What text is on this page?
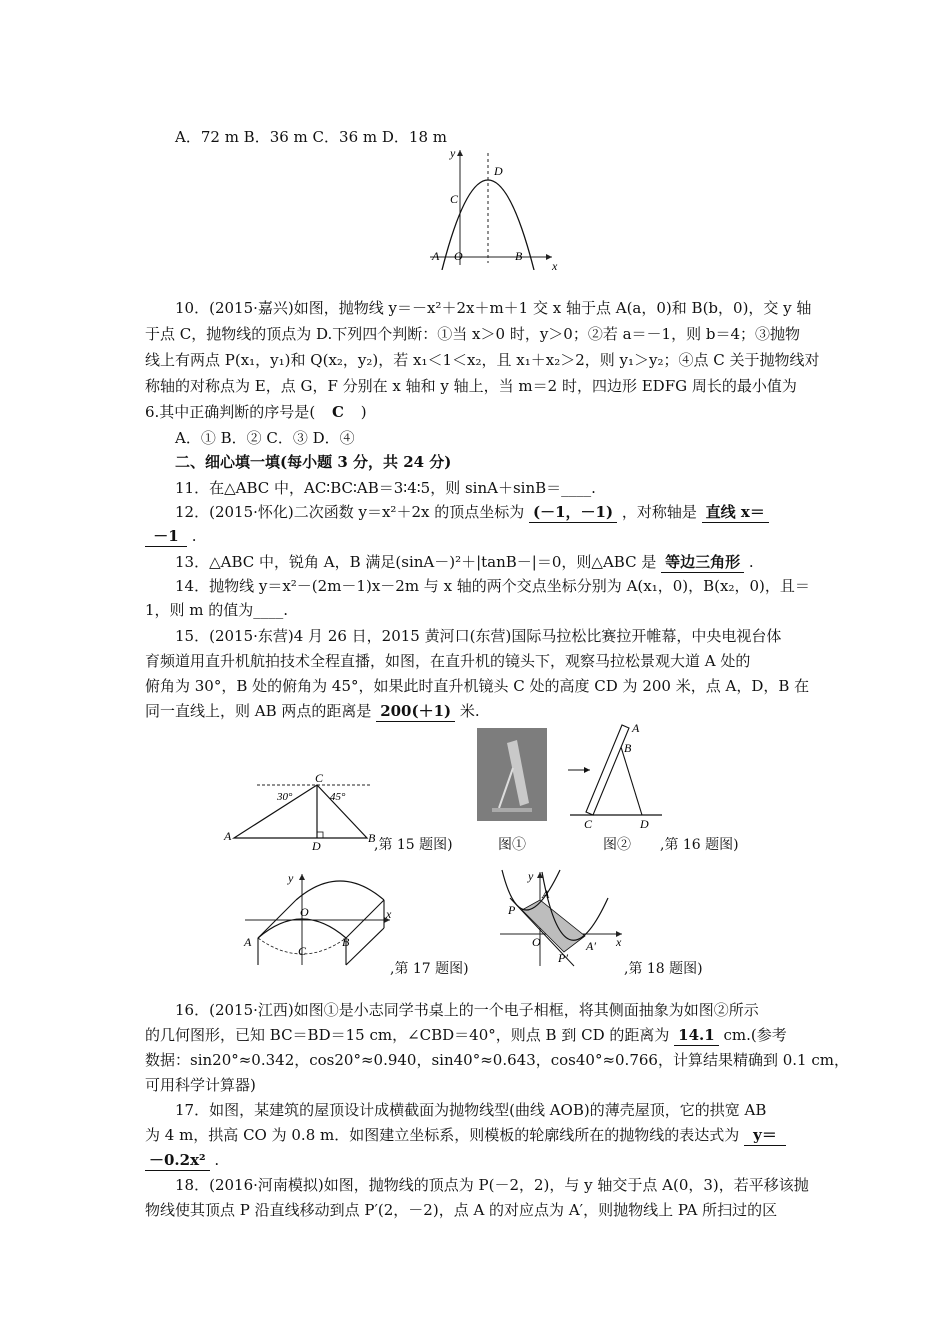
A．72 m B．36 m C．36 m D．18 m
x
y
D
C
A O	B
10．(2015·嘉兴)如图，抛物线 y＝－x²＋2x＋m＋1 交 x 轴于点 A(a，0)和 B(b，0)，交 y 轴
于点 C，抛物线的顶点为 D.下列四个判断：①当 x＞0 时，y＞0；②若 a＝－1，则 b＝4；③抛物
线上有两点 P(x₁，y₁)和 Q(x₂，y₂)，若 x₁＜1＜x₂，且 x₁＋x₂＞2，则 y₁＞y₂；④点 C 关于抛物线对
称轴的对称点为 E，点 G，F 分别在 x 轴和 y 轴上，当 m＝2 时，四边形 EDFG 周长的最小值为
6.其中正确判断的序号是( C )
A．① B．② C．③ D．④
二、细心填一填(每小题 3 分，共 24 分)
11．在△ABC 中，AC∶BC∶AB＝3∶4∶5，则 sinA＋sinB＝____.
12．(2015·怀化)二次函数 y＝x²＋2x 的顶点坐标为 (－1，－1) ，对称轴是 直线 x＝
－1 .
13．△ABC 中，锐角 A，B 满足(sinA－)²＋|tanB－|＝0，则△ABC 是 等边三角形 .
14．抛物线 y＝x²－(2m－1)x－2m 与 x 轴的两个交点坐标分别为 A(x₁，0)，B(x₂，0)，且＝
1，则 m 的值为____.
15．(2015·东营)4 月 26 日，2015 黄河口(东营)国际马拉松比赛拉开帷幕，中央电视台体
育频道用直升机航拍技术全程直播，如图，在直升机的镜头下，观察马拉松景观大道 A 处的
俯角为 30°，B 处的俯角为 45°，如果此时直升机镜头 C 处的高度 CD 为 200 米，点 A，D，B 在
同一直线上，则 AB 两点的距离是 200(＋1) 米.
C
30°	45°
A
D
B
,第 15 题图)	图①
A
B
C	D
图② ,第 16 题图)
y
x
O
C
A	B
,第 17 题图)
y
x
A
P
O	A′
P′
,第 18 题图)
16．(2015·江西)如图①是小志同学书桌上的一个电子相框，将其侧面抽象为如图②所示
的几何图形，已知 BC＝BD＝15 cm，∠CBD＝40°，则点 B 到 CD 的距离为 14.1 cm.(参考
数据：sin20°≈0.342，cos20°≈0.940，sin40°≈0.643，cos40°≈0.766，计算结果精确到 0.1 cm，
可用科学计算器)
17．如图，某建筑的屋顶设计成横截面为抛物线型(曲线 AOB)的薄壳屋顶，它的拱宽 AB
为 4 m，拱高 CO 为 0.8 m．如图建立坐标系，则模板的轮廓线所在的抛物线的表达式为 y＝
－0.2x² .
18．(2016·河南模拟)如图，抛物线的顶点为 P(－2，2)，与 y 轴交于点 A(0，3)，若平移该抛
物线使其顶点 P 沿直线移动到点 P′(2，－2)，点 A 的对应点为 A′，则抛物线上 PA 所扫过的区
